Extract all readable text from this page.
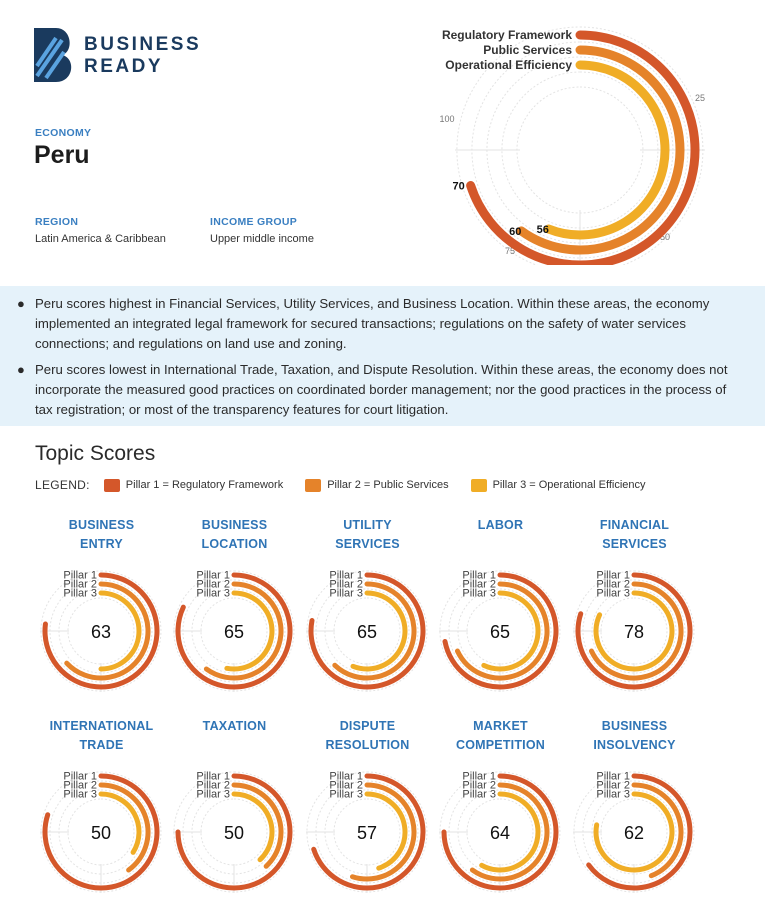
BUSINESS
READY
ECONOMY
Peru
REGION
Latin America & Caribbean
INCOME GROUP
Upper middle income
25
50
75
100
Regulatory Framework
70
Public Services
60
Operational Efficiency
56
● Peru scores highest in Financial Services, Utility Services, and Business Location. Within these areas, the economy implemented an integrated legal framework for secured transactions; regulations on the safety of water services connections; and regulations on land use and zoning.
● Peru scores lowest in International Trade, Taxation, and Dispute Resolution. Within these areas, the economy does not incorporate the measured good practices on coordinated border management; nor the good practices in the process of tax registration; or most of the transparency features for court litigation.
Topic Scores
LEGEND:	Pillar 1 = Regulatory Framework	Pillar 2 = Public Services	Pillar 3 = Operational Efficiency
BUSINESS
ENTRY
Pillar 1
Pillar 2
Pillar 3
63
BUSINESS
LOCATION
Pillar 1
Pillar 2
Pillar 3
65
UTILITY
SERVICES
Pillar 1
Pillar 2
Pillar 3
65
LABOR
Pillar 1
Pillar 2
Pillar 3
65
FINANCIAL
SERVICES
Pillar 1
Pillar 2
Pillar 3
78
INTERNATIONAL
TRADE
Pillar 1
Pillar 2
Pillar 3
50
TAXATION
Pillar 1
Pillar 2
Pillar 3
50
DISPUTE
RESOLUTION
Pillar 1
Pillar 2
Pillar 3
57
MARKET
COMPETITION
Pillar 1
Pillar 2
Pillar 3
64
BUSINESS
INSOLVENCY
Pillar 1
Pillar 2
Pillar 3
62
